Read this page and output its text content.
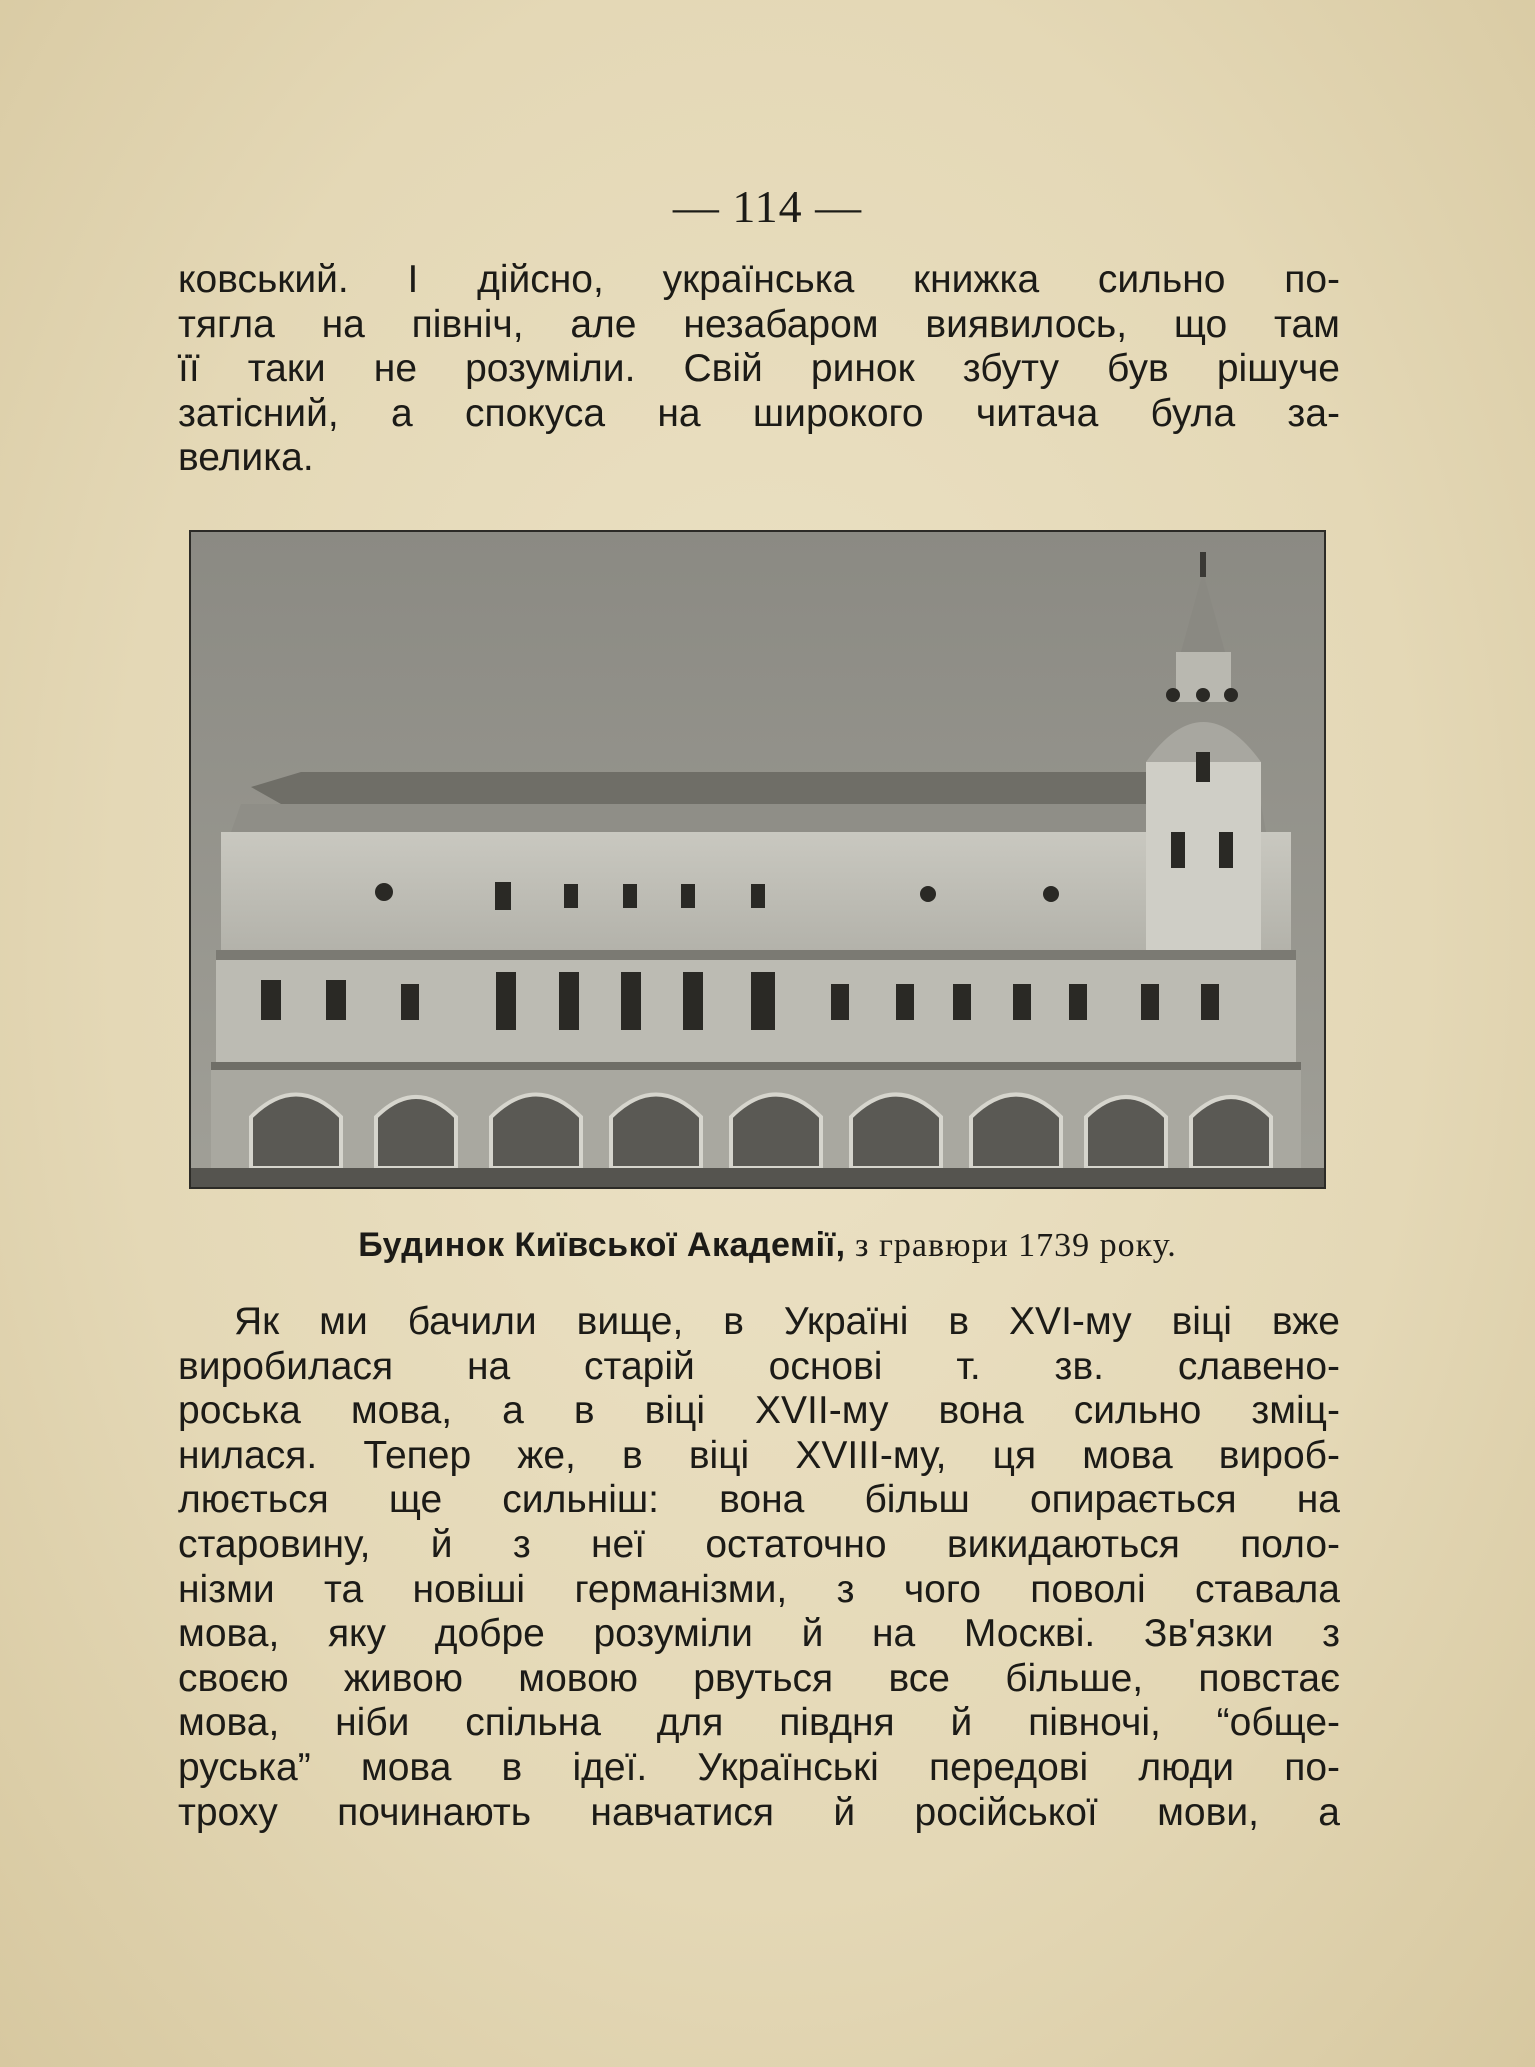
— 114 —
ковський. І дійсно, українська книжка сильно по-
тягла на північ, але незабаром виявилось, що там
її таки не розуміли. Свій ринок збуту був рішуче
затісний, а спокуса на широкого читача була за-
велика.
Будинок Київської Академії, з гравюри 1739 року.
Як ми бачили вище, в Україні в XVI-му віці вже
виробилася на старій основі т. зв. славено-
роська мова, а в віці XVII-му вона сильно зміц-
нилася. Тепер же, в віці XVIII-му, ця мова вироб-
люється ще сильніш: вона більш опирається на
старовину, й з неї остаточно викидаються поло-
нізми та новіші германізми, з чого поволі ставала
мова, яку добре розуміли й на Москві. Зв'язки з
своєю живою мовою рвуться все більше, повстає
мова, ніби спільна для півдня й півночі, “обще-
руська” мова в ідеї. Українські передові люди по-
троху починають навчатися й російської мови, а
